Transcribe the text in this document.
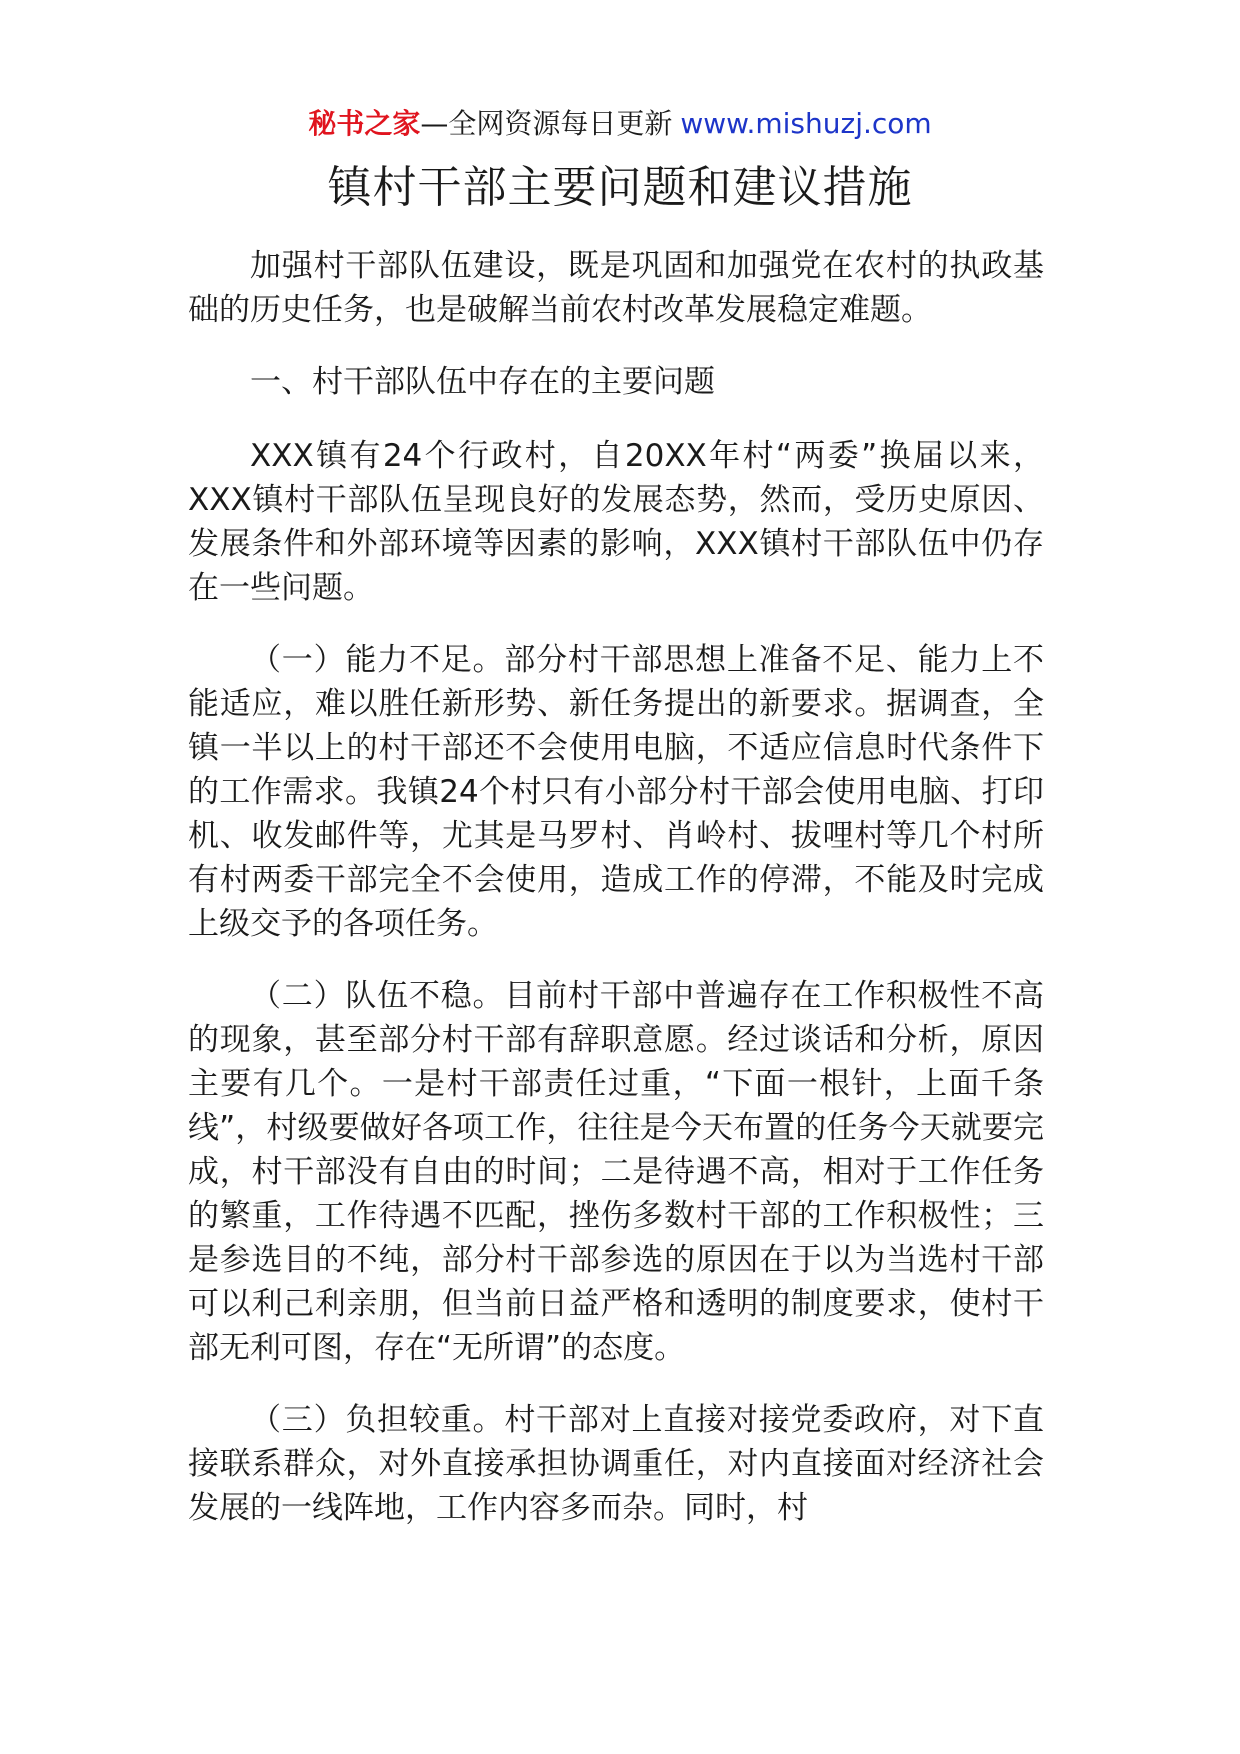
秘书之家—全网资源每日更新 www.mishuzj.com
镇村干部主要问题和建议措施

加强村干部队伍建设，既是巩固和加强党在农村的执政基础的历史任务，也是破解当前农村改革发展稳定难题。

一、村干部队伍中存在的主要问题

XXX镇有24个行政村，自20XX年村“两委”换届以来，XXX镇村干部队伍呈现良好的发展态势，然而，受历史原因、发展条件和外部环境等因素的影响，XXX镇村干部队伍中仍存在一些问题。

（一）能力不足。部分村干部思想上准备不足、能力上不能适应，难以胜任新形势、新任务提出的新要求。据调查，全镇一半以上的村干部还不会使用电脑，不适应信息时代条件下的工作需求。我镇24个村只有小部分村干部会使用电脑、打印机、收发邮件等，尤其是马罗村、肖岭村、拔哩村等几个村所有村两委干部完全不会使用，造成工作的停滞，不能及时完成上级交予的各项任务。

（二）队伍不稳。目前村干部中普遍存在工作积极性不高的现象，甚至部分村干部有辞职意愿。经过谈话和分析，原因主要有几个。一是村干部责任过重，“下面一根针，上面千条线”，村级要做好各项工作，往往是今天布置的任务今天就要完成，村干部没有自由的时间；二是待遇不高，相对于工作任务的繁重，工作待遇不匹配，挫伤多数村干部的工作积极性；三是参选目的不纯，部分村干部参选的原因在于以为当选村干部可以利己利亲朋，但当前日益严格和透明的制度要求，使村干部无利可图，存在“无所谓”的态度。

（三）负担较重。村干部对上直接对接党委政府，对下直接联系群众，对外直接承担协调重任，对内直接面对经济社会发展的一线阵地，工作内容多而杂。同时，村
